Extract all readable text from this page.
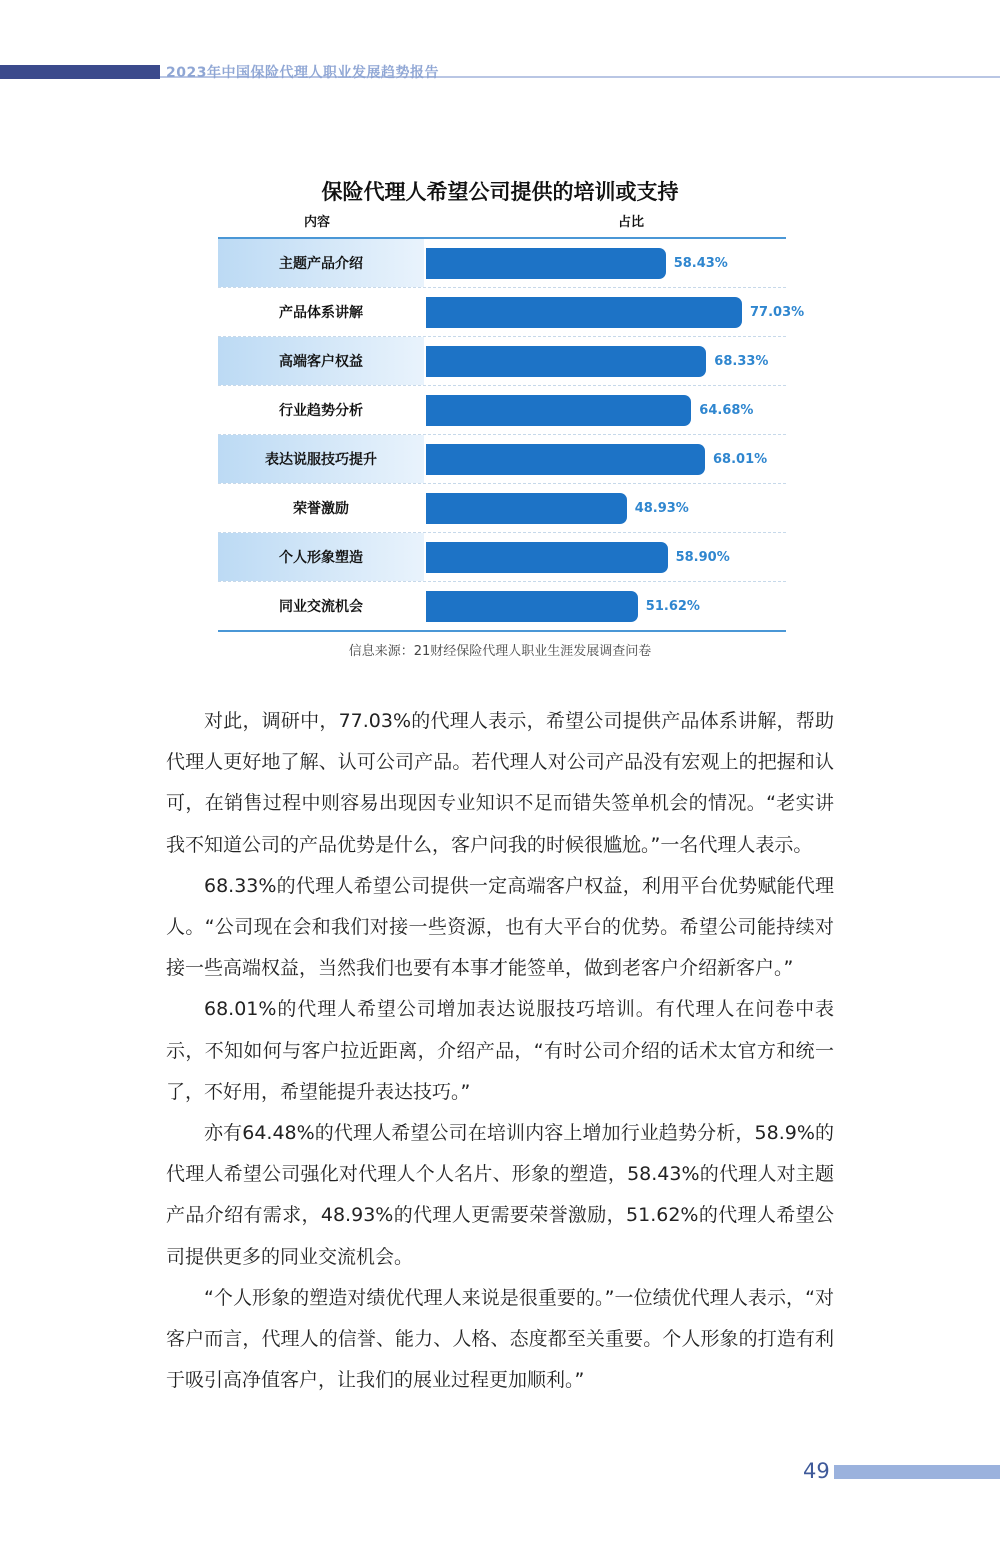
2023年中国保险代理人职业发展趋势报告
保险代理人希望公司提供的培训或支持
内容	占比
主题产品介绍	58.43%
产品体系讲解	77.03%
高端客户权益	68.33%
行业趋势分析	64.68%
表达说服技巧提升	68.01%
荣誉激励	48.93%
个人形象塑造	58.90%
同业交流机会	51.62%
信息来源：21财经保险代理人职业生涯发展调查问卷

对此，调研中，77.03%的代理人表示，希望公司提供产品体系讲解，帮助代理人更好地了解、认可公司产品。若代理人对公司产品没有宏观上的把握和认可，在销售过程中则容易出现因专业知识不足而错失签单机会的情况。“老实讲我不知道公司的产品优势是什么，客户问我的时候很尴尬。”一名代理人表示。

68.33%的代理人希望公司提供一定高端客户权益，利用平台优势赋能代理人。“公司现在会和我们对接一些资源，也有大平台的优势。希望公司能持续对接一些高端权益，当然我们也要有本事才能签单，做到老客户介绍新客户。”

68.01%的代理人希望公司增加表达说服技巧培训。有代理人在问卷中表示，不知如何与客户拉近距离，介绍产品，“有时公司介绍的话术太官方和统一了，不好用，希望能提升表达技巧。”

亦有64.48%的代理人希望公司在培训内容上增加行业趋势分析，58.9%的代理人希望公司强化对代理人个人名片、形象的塑造，58.43%的代理人对主题产品介绍有需求，48.93%的代理人更需要荣誉激励，51.62%的代理人希望公司提供更多的同业交流机会。

“个人形象的塑造对绩优代理人来说是很重要的。”一位绩优代理人表示，“对客户而言，代理人的信誉、能力、人格、态度都至关重要。个人形象的打造有利于吸引高净值客户，让我们的展业过程更加顺利。”

49
